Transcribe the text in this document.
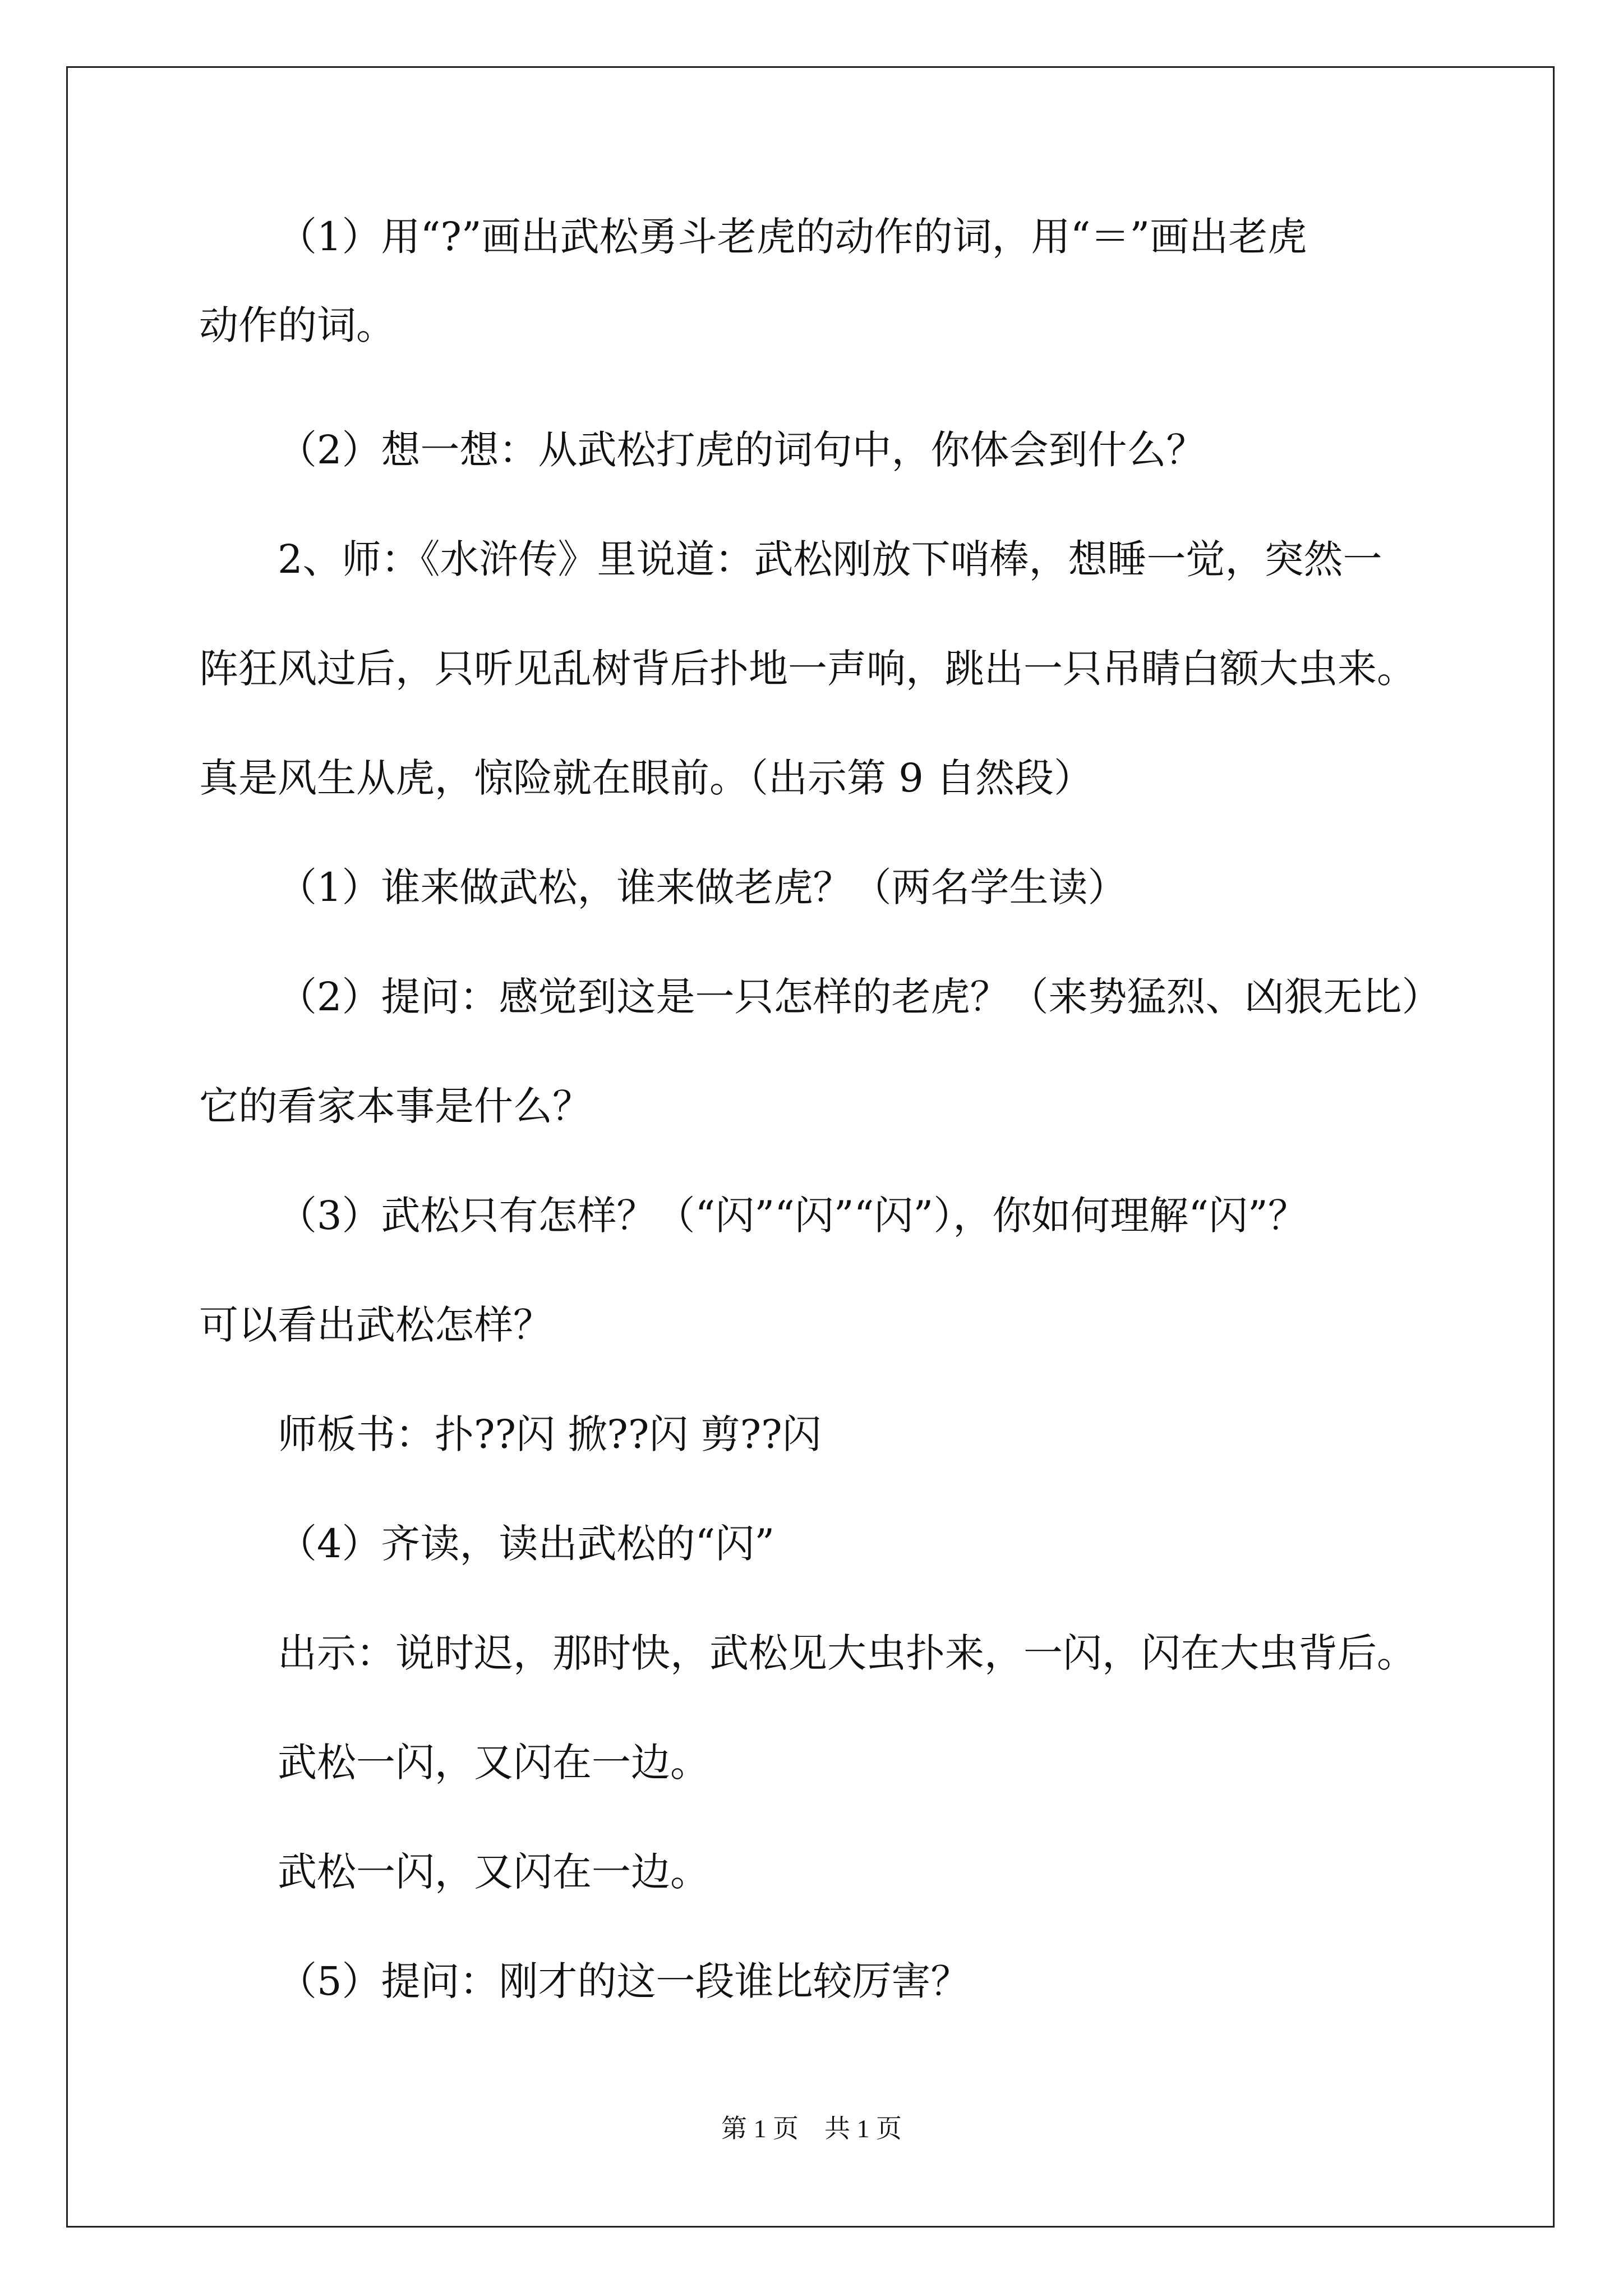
（1）用“?”画出武松勇斗老虎的动作的词，用“＝”画出老虎
动作的词。
（2）想一想：从武松打虎的词句中，你体会到什么？
2、师：《水浒传》里说道：武松刚放下哨棒，想睡一觉，突然一
阵狂风过后，只听见乱树背后扑地一声响，跳出一只吊睛白额大虫来。
真是风生从虎，惊险就在眼前。（出示第 9 自然段）
（1）谁来做武松，谁来做老虎？（两名学生读）
（2）提问：感觉到这是一只怎样的老虎？（来势猛烈、凶狠无比）
它的看家本事是什么？
（3）武松只有怎样？（“闪”“闪”“闪”），你如何理解“闪”？
可以看出武松怎样？
师板书：扑??闪 掀??闪 剪??闪
（4）齐读，读出武松的“闪”
出示：说时迟，那时快，武松见大虫扑来，一闪，闪在大虫背后。
武松一闪，又闪在一边。
武松一闪，又闪在一边。
（5）提问：刚才的这一段谁比较厉害？
第 1 页　共 1 页
